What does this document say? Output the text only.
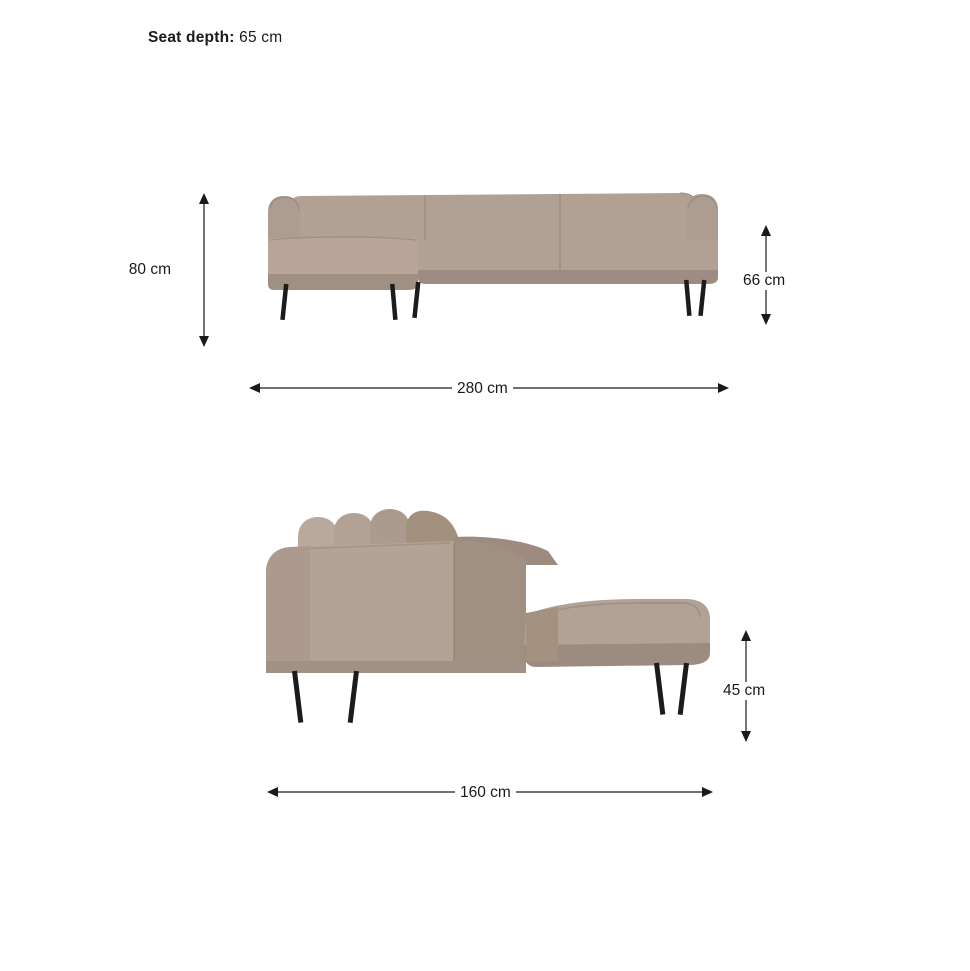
Seat depth: 65 cm
80 cm
66 cm
280 cm
45 cm
160 cm
